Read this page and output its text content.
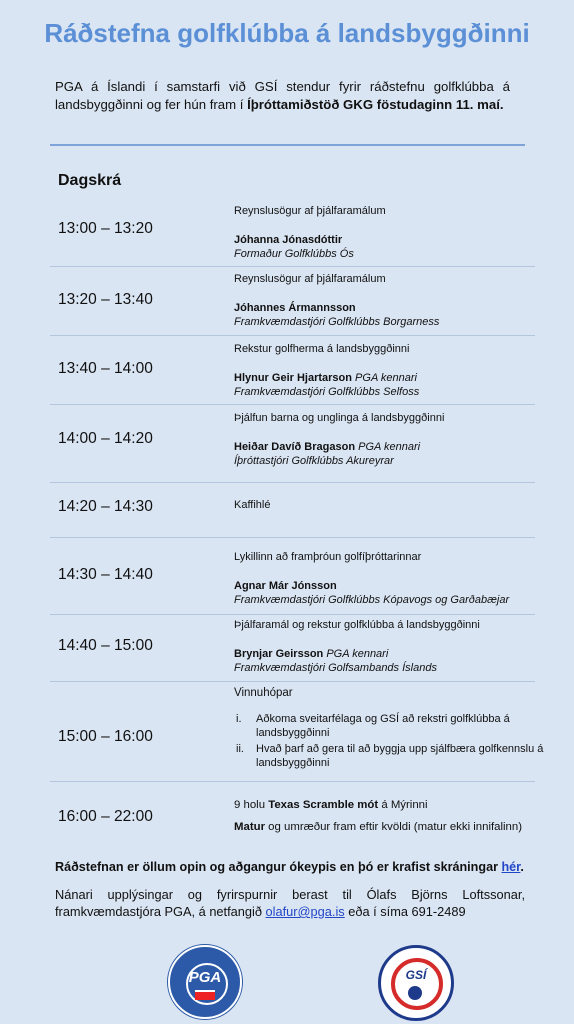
Ráðstefna golfklúbba á landsbyggðinni
PGA á Íslandi í samstarfi við GSÍ stendur fyrir ráðstefnu golfklúbba á landsbyggðinni og fer hún fram í Íþróttamiðstöð GKG föstudaginn 11. maí.
Dagskrá
13:00 – 13:20
Reynslusögur af þjálfaramálum
Jóhanna Jónasdóttir
Formaður Golfklúbbs Ós
13:20 – 13:40
Reynslusögur af þjálfaramálum
Jóhannes Ármannsson
Framkvæmdastjóri Golfklúbbs Borgarness
13:40 – 14:00
Rekstur golfherma á landsbyggðinni
Hlynur Geir Hjartarson PGA kennari
Framkvæmdastjóri Golfklúbbs Selfoss
14:00 – 14:20
Þjálfun barna og unglinga á landsbyggðinni
Heiðar Davíð Bragason PGA kennari
Íþróttastjóri Golfklúbbs Akureyrar
14:20 – 14:30	Kaffihlé
14:30 – 14:40
Lykillinn að framþróun golfíþróttarinnar
Agnar Már Jónsson
Framkvæmdastjóri Golfklúbbs Kópavogs og Garðabæjar
14:40 – 15:00
Þjálfaramál og rekstur golfklúbba á landsbyggðinni
Brynjar Geirsson PGA kennari
Framkvæmdastjóri Golfsambands Íslands
15:00 – 16:00
Vinnuhópar
i. Aðkoma sveitarfélaga og GSÍ að rekstri golfklúbba á landsbyggðinni
ii. Hvað þarf að gera til að byggja upp sjálfbæra golfkennslu á landsbyggðinni
16:00 – 22:00
9 holu Texas Scramble mót á Mýrinni
Matur og umræður fram eftir kvöldi (matur ekki innifalinn)
Ráðstefnan er öllum opin og aðgangur ókeypis en þó er krafist skráningar hér.
Nánari upplýsingar og fyrirspurnir berast til Ólafs Björns Loftssonar, framkvæmdastjóra PGA, á netfangið olafur@pga.is eða í síma 691-2489
PGA	GSÍ
